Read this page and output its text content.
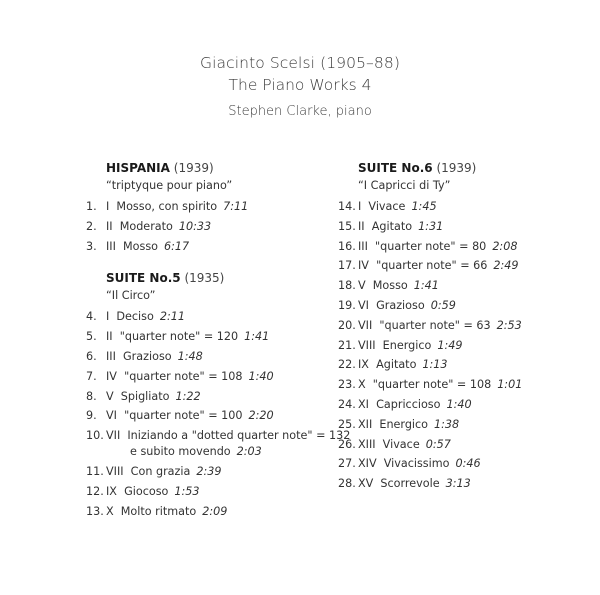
Giacinto Scelsi (1905–88)
The Piano Works 4
Stephen Clarke, piano
HISPANIA (1939)
“triptyque pour piano”
1. I  Mosso, con spirito 7:11
2. II  Moderato 10:33
3. III  Mosso 6:17
SUITE No.5 (1935)
“Il Circo”
4. I  Deciso 2:11
5. II  "quarter note" = 120 1:41
6. III  Grazioso 1:48
7. IV  "quarter note" = 108 1:40
8. V  Spigliato 1:22
9. VI  "quarter note" = 100 2:20
10. VII  Iniziando a "dotted quarter note" = 132
e subito movendo 2:03
11. VIII  Con grazia 2:39
12. IX  Giocoso 1:53
13. X  Molto ritmato 2:09
SUITE No.6 (1939)
“I Capricci di Ty”
14. I  Vivace 1:45
15. II  Agitato 1:31
16. III  "quarter note" = 80 2:08
17. IV  "quarter note" = 66 2:49
18. V  Mosso 1:41
19. VI  Grazioso 0:59
20. VII  "quarter note" = 63 2:53
21. VIII  Energico 1:49
22. IX  Agitato 1:13
23. X  "quarter note" = 108 1:01
24. XI  Capriccioso 1:40
25. XII  Energico 1:38
26. XIII  Vivace 0:57
27. XIV  Vivacissimo 0:46
28. XV  Scorrevole 3:13
